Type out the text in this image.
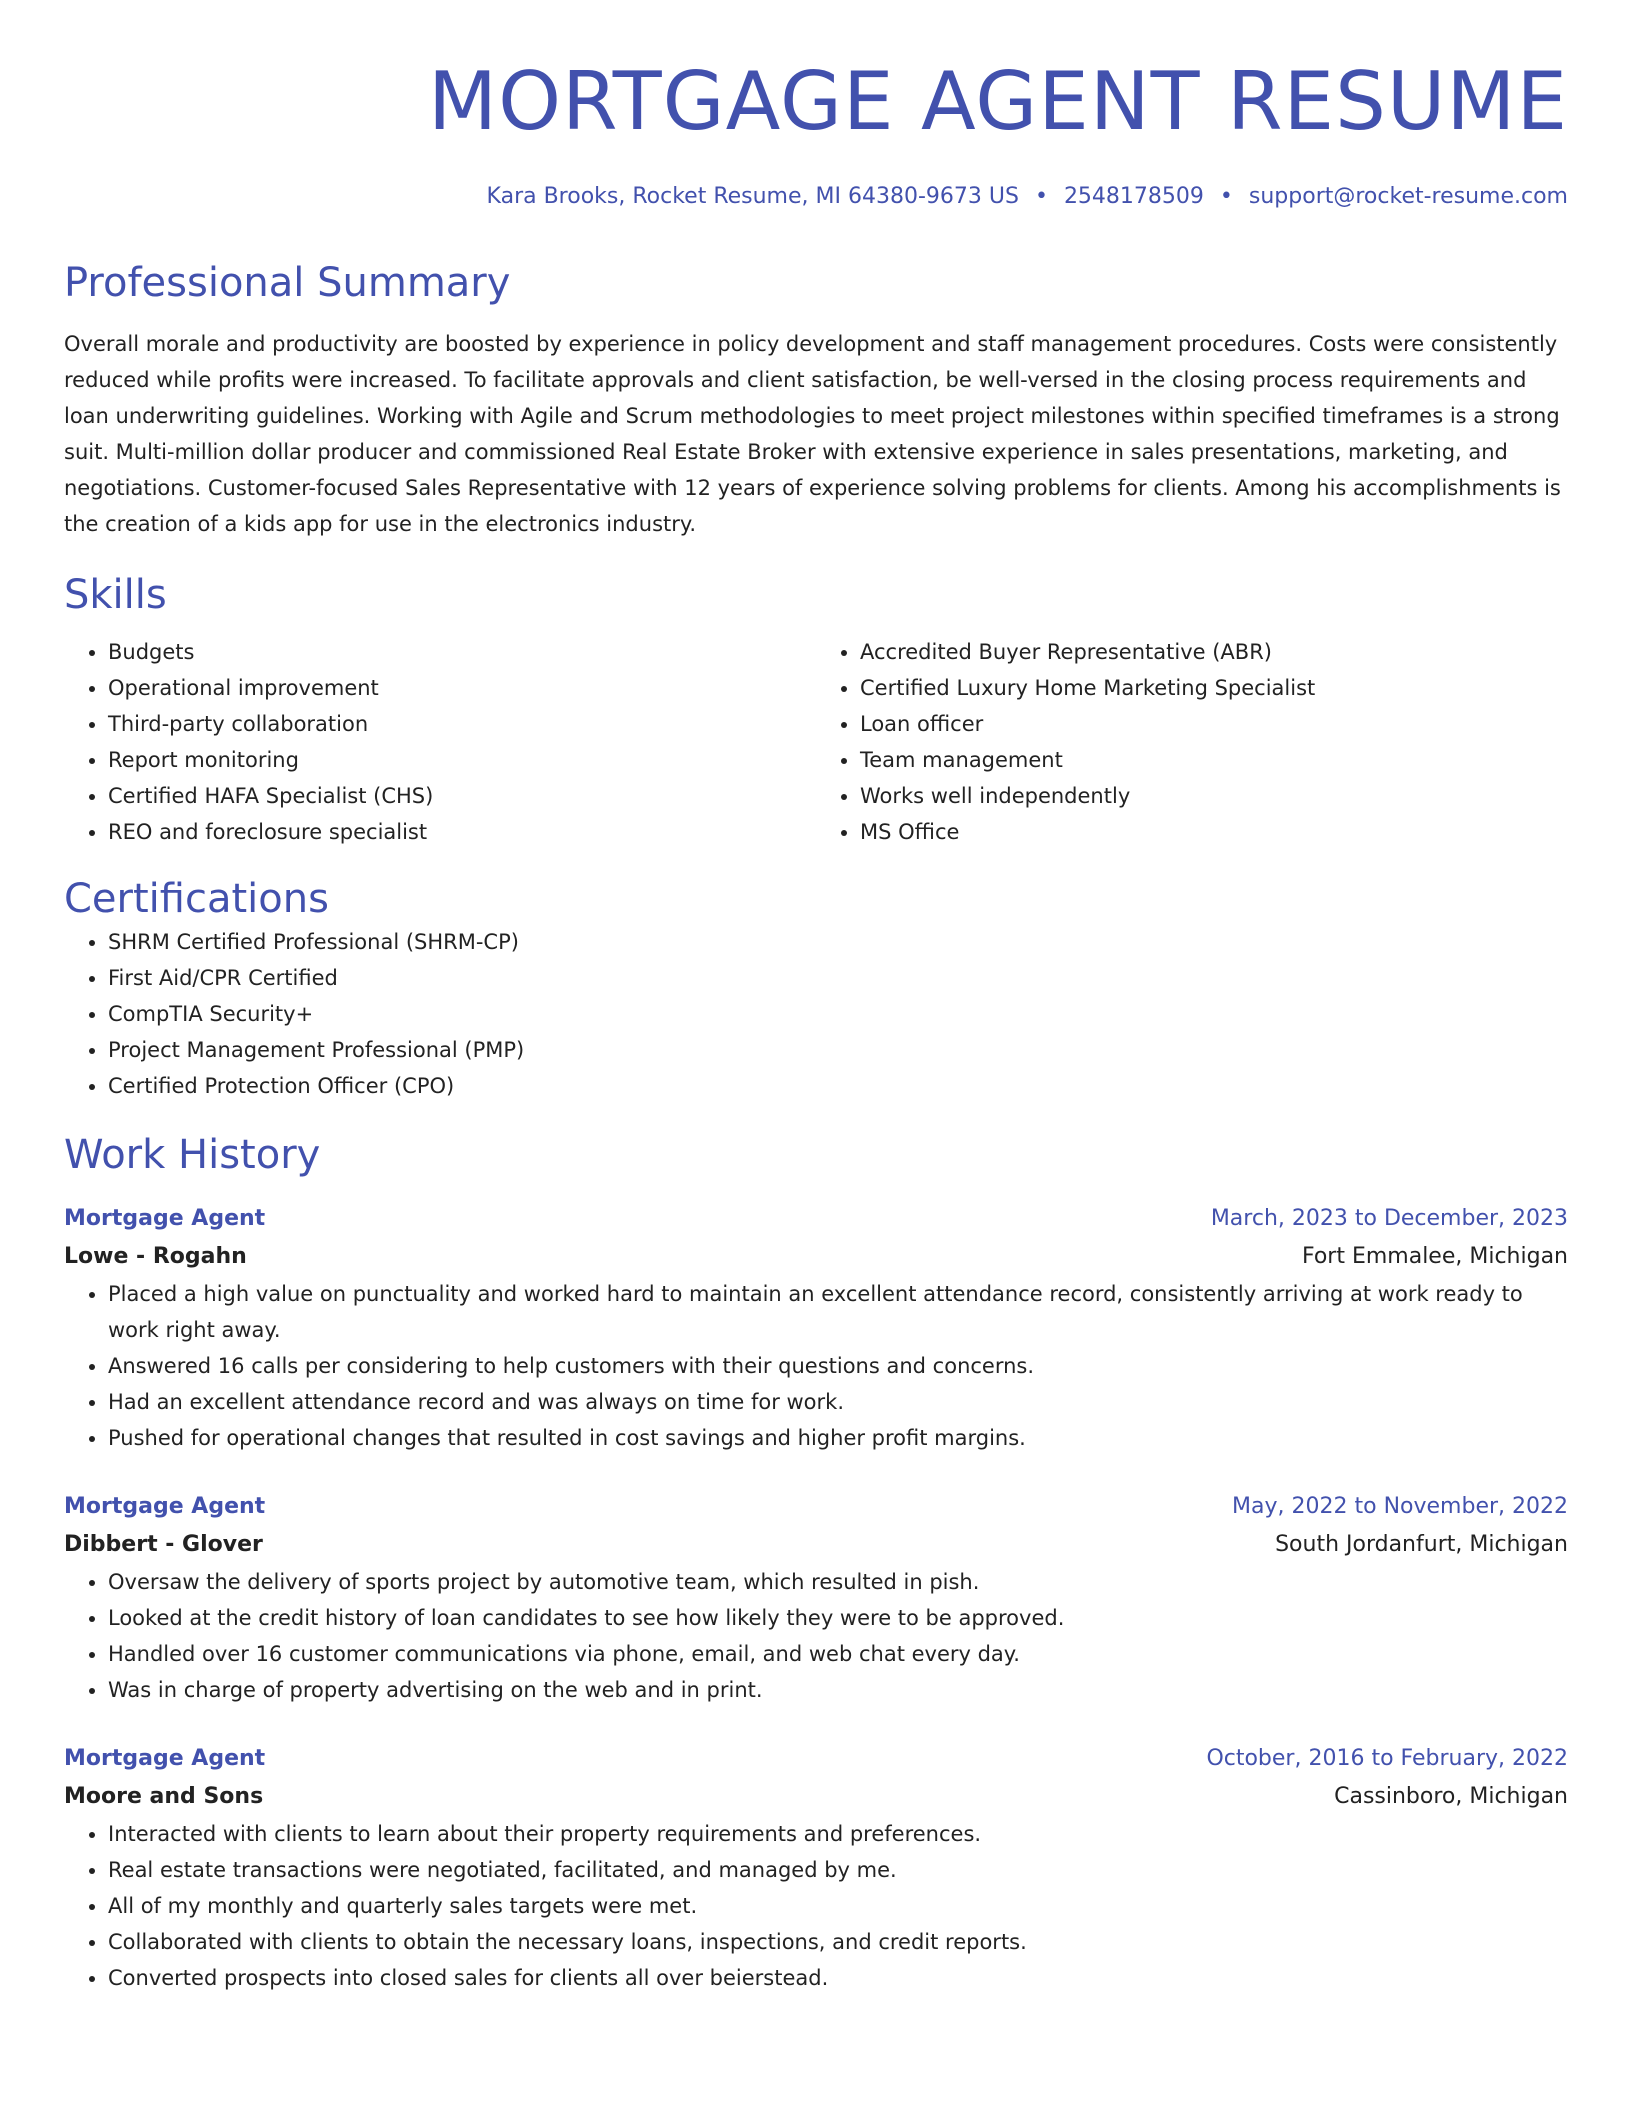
MORTGAGE AGENT RESUME
Kara Brooks, Rocket Resume, MI 64380-9673 US • 2548178509 • support@rocket-resume.com
Professional Summary

Overall morale and productivity are boosted by experience in policy development and staff management procedures. Costs were consistently reduced while profits were increased. To facilitate approvals and client satisfaction, be well-versed in the closing process requirements and loan underwriting guidelines. Working with Agile and Scrum methodologies to meet project milestones within specified timeframes is a strong suit. Multi-million dollar producer and commissioned Real Estate Broker with extensive experience in sales presentations, marketing, and negotiations. Customer-focused Sales Representative with 12 years of experience solving problems for clients. Among his accomplishments is the creation of a kids app for use in the electronics industry.

Skills
• Budgets
• Operational improvement
• Third-party collaboration
• Report monitoring
• Certified HAFA Specialist (CHS)
• REO and foreclosure specialist
• Accredited Buyer Representative (ABR)
• Certified Luxury Home Marketing Specialist
• Loan officer
• Team management
• Works well independently
• MS Office
Certifications
• SHRM Certified Professional (SHRM-CP)
• First Aid/CPR Certified
• CompTIA Security+
• Project Management Professional (PMP)
• Certified Protection Officer (CPO)
Work History
Mortgage Agent	March, 2023 to December, 2023
Lowe - Rogahn	Fort Emmalee, Michigan
• Placed a high value on punctuality and worked hard to maintain an excellent attendance record, consistently arriving at work ready to work right away.
• Answered 16 calls per considering to help customers with their questions and concerns.
• Had an excellent attendance record and was always on time for work.
• Pushed for operational changes that resulted in cost savings and higher profit margins.
Mortgage Agent	May, 2022 to November, 2022
Dibbert - Glover	South Jordanfurt, Michigan
• Oversaw the delivery of sports project by automotive team, which resulted in pish.
• Looked at the credit history of loan candidates to see how likely they were to be approved.
• Handled over 16 customer communications via phone, email, and web chat every day.
• Was in charge of property advertising on the web and in print.
Mortgage Agent	October, 2016 to February, 2022
Moore and Sons	Cassinboro, Michigan
• Interacted with clients to learn about their property requirements and preferences.
• Real estate transactions were negotiated, facilitated, and managed by me.
• All of my monthly and quarterly sales targets were met.
• Collaborated with clients to obtain the necessary loans, inspections, and credit reports.
• Converted prospects into closed sales for clients all over beierstead.
